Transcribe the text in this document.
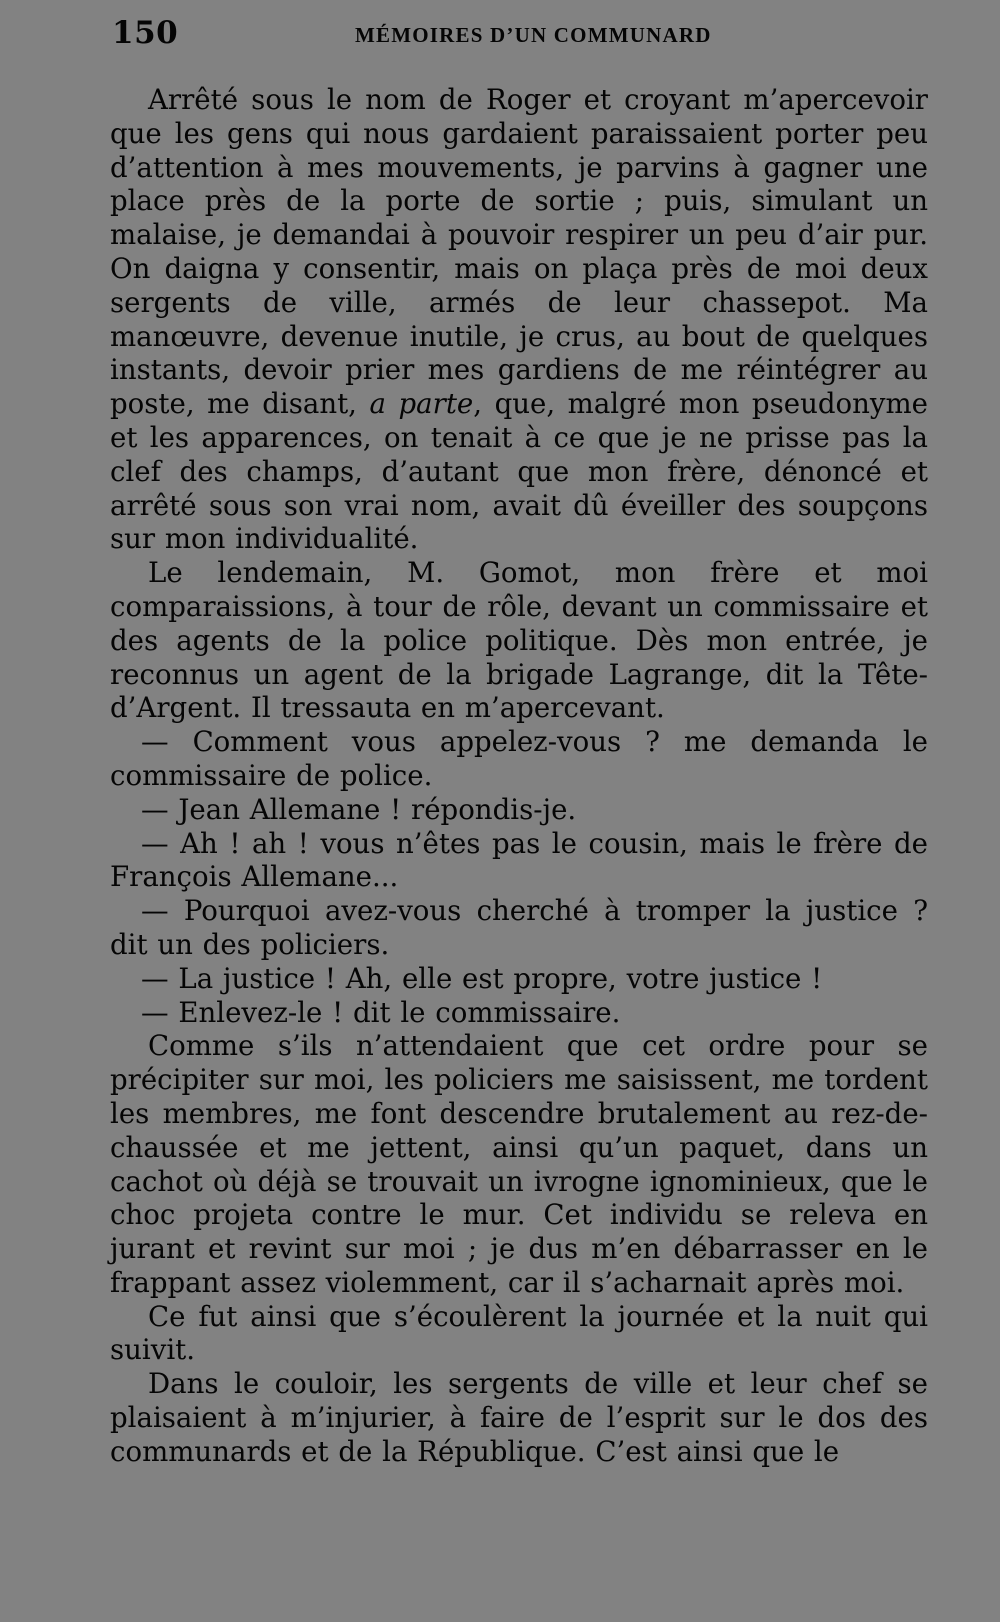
150	MÉMOIRES D’UN COMMUNARD

Arrêté sous le nom de Roger et croyant m’apercevoir que les gens qui nous gardaient paraissaient porter peu d’attention à mes mouvements, je parvins à gagner une place près de la porte de sortie ; puis, simulant un malaise, je demandai à pouvoir respirer un peu d’air pur. On daigna y consentir, mais on plaça près de moi deux sergents de ville, armés de leur chassepot. Ma manœuvre, devenue inutile, je crus, au bout de quelques instants, devoir prier mes gardiens de me réintégrer au poste, me disant, a parte, que, malgré mon pseudonyme et les apparences, on tenait à ce que je ne prisse pas la clef des champs, d’autant que mon frère, dénoncé et arrêté sous son vrai nom, avait dû éveiller des soupçons sur mon individualité.

Le lendemain, M. Gomot, mon frère et moi comparaissions, à tour de rôle, devant un commissaire et des agents de la police politique. Dès mon entrée, je reconnus un agent de la brigade Lagrange, dit la Tête-d’Argent. Il tressauta en m’apercevant.

— Comment vous appelez-vous ? me demanda le commissaire de police.

— Jean Allemane ! répondis-je.

— Ah ! ah ! vous n’êtes pas le cousin, mais le frère de François Allemane...

— Pourquoi avez-vous cherché à tromper la justice ? dit un des policiers.

— La justice ! Ah, elle est propre, votre justice !

— Enlevez-le ! dit le commissaire.

Comme s’ils n’attendaient que cet ordre pour se précipiter sur moi, les policiers me saisissent, me tordent les membres, me font descendre brutalement au rez-de-chaussée et me jettent, ainsi qu’un paquet, dans un cachot où déjà se trouvait un ivrogne ignominieux, que le choc projeta contre le mur. Cet individu se releva en jurant et revint sur moi ; je dus m’en débarrasser en le frappant assez violemment, car il s’acharnait après moi.

Ce fut ainsi que s’écoulèrent la journée et la nuit qui suivit.

Dans le couloir, les sergents de ville et leur chef se plaisaient à m’injurier, à faire de l’esprit sur le dos des communards et de la République. C’est ainsi que le
